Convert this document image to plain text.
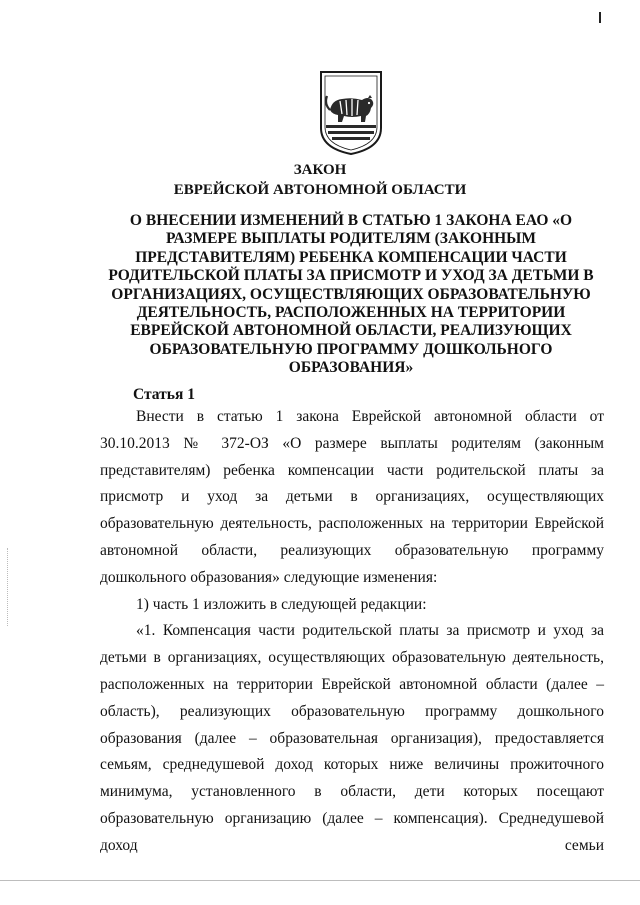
ЗАКОН
ЕВРЕЙСКОЙ АВТОНОМНОЙ ОБЛАСТИ
О ВНЕСЕНИИ ИЗМЕНЕНИЙ В СТАТЬЮ 1 ЗАКОНА ЕАО «О РАЗМЕРЕ ВЫПЛАТЫ РОДИТЕЛЯМ (ЗАКОННЫМ ПРЕДСТАВИТЕЛЯМ) РЕБЕНКА КОМПЕНСАЦИИ ЧАСТИ РОДИТЕЛЬСКОЙ ПЛАТЫ ЗА ПРИСМОТР И УХОД ЗА ДЕТЬМИ В ОРГАНИЗАЦИЯХ, ОСУЩЕСТВЛЯЮЩИХ ОБРАЗОВАТЕЛЬНУЮ ДЕЯТЕЛЬНОСТЬ, РАСПОЛОЖЕННЫХ НА ТЕРРИТОРИИ ЕВРЕЙСКОЙ АВТОНОМНОЙ ОБЛАСТИ, РЕАЛИЗУЮЩИХ ОБРАЗОВАТЕЛЬНУЮ ПРОГРАММУ ДОШКОЛЬНОГО ОБРАЗОВАНИЯ»
Статья 1

Внести в статью 1 закона Еврейской автономной области от 30.10.2013 № 372-ОЗ «О размере выплаты родителям (законным представителям) ребенка компенсации части родительской платы за присмотр и уход за детьми в организациях, осуществляющих образовательную деятельность, расположенных на территории Еврейской автономной области, реализующих образовательную программу дошкольного образования» следующие изменения:

1) часть 1 изложить в следующей редакции:

«1. Компенсация части родительской платы за присмотр и уход за детьми в организациях, осуществляющих образовательную деятельность, расположенных на территории Еврейской автономной области (далее – область), реализующих образовательную программу дошкольного образования (далее – образовательная организация), предоставляется семьям, среднедушевой доход которых ниже величины прожиточного минимума, установленного в области, дети которых посещают образовательную организацию (далее – компенсация). Среднедушевой доход семьи
